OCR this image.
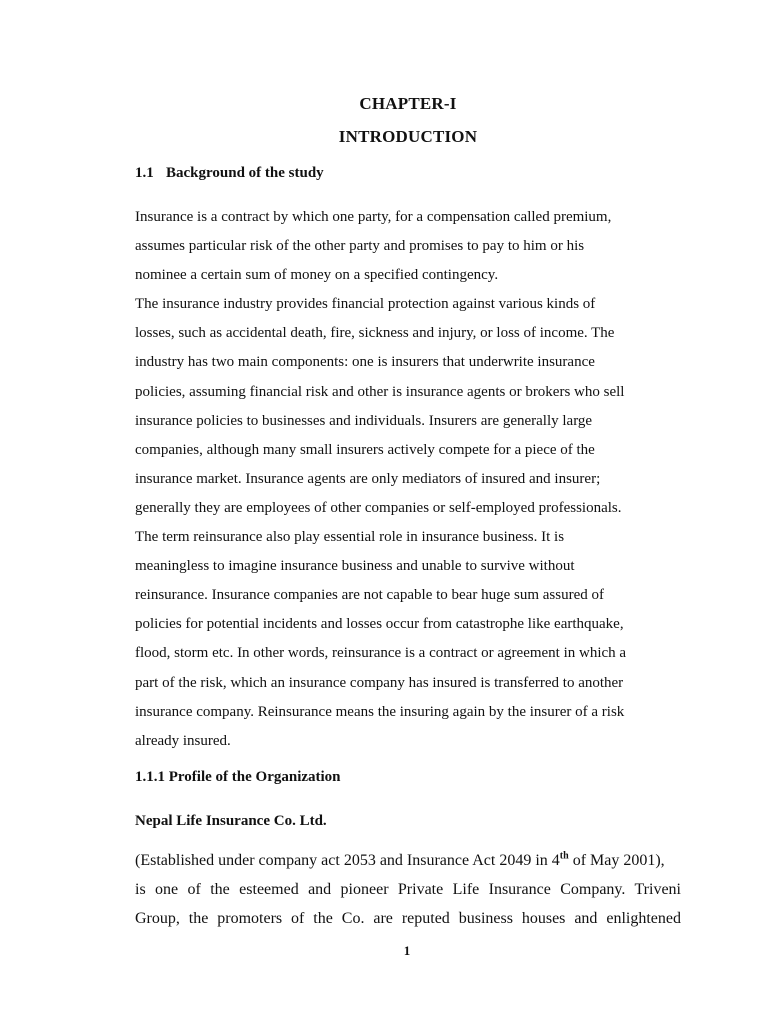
CHAPTER-I
INTRODUCTION
1.1 Background of the study
Insurance is a contract by which one party, for a compensation called premium,
assumes particular risk of the other party and promises to pay to him or his
nominee a certain sum of money on a specified contingency.
The insurance industry provides financial protection against various kinds of
losses, such as accidental death, fire, sickness and injury, or loss of income. The
industry has two main components: one is insurers that underwrite insurance
policies, assuming financial risk and other is insurance agents or brokers who sell
insurance policies to businesses and individuals. Insurers are generally large
companies, although many small insurers actively compete for a piece of the
insurance market. Insurance agents are only mediators of insured and insurer;
generally they are employees of other companies or self-employed professionals.
The term reinsurance also play essential role in insurance business. It is
meaningless to imagine insurance business and unable to survive without
reinsurance. Insurance companies are not capable to bear huge sum assured of
policies for potential incidents and losses occur from catastrophe like earthquake,
flood, storm etc. In other words, reinsurance is a contract or agreement in which a
part of the risk, which an insurance company has insured is transferred to another
insurance company. Reinsurance means the insuring again by the insurer of a risk
already insured.
1.1.1 Profile of the Organization
Nepal Life Insurance Co. Ltd.
(Established under company act 2053 and Insurance Act 2049 in 4th of May 2001),
is one of the esteemed and pioneer Private Life Insurance Company. Triveni
Group, the promoters of the Co. are reputed business houses and enlightened
1
